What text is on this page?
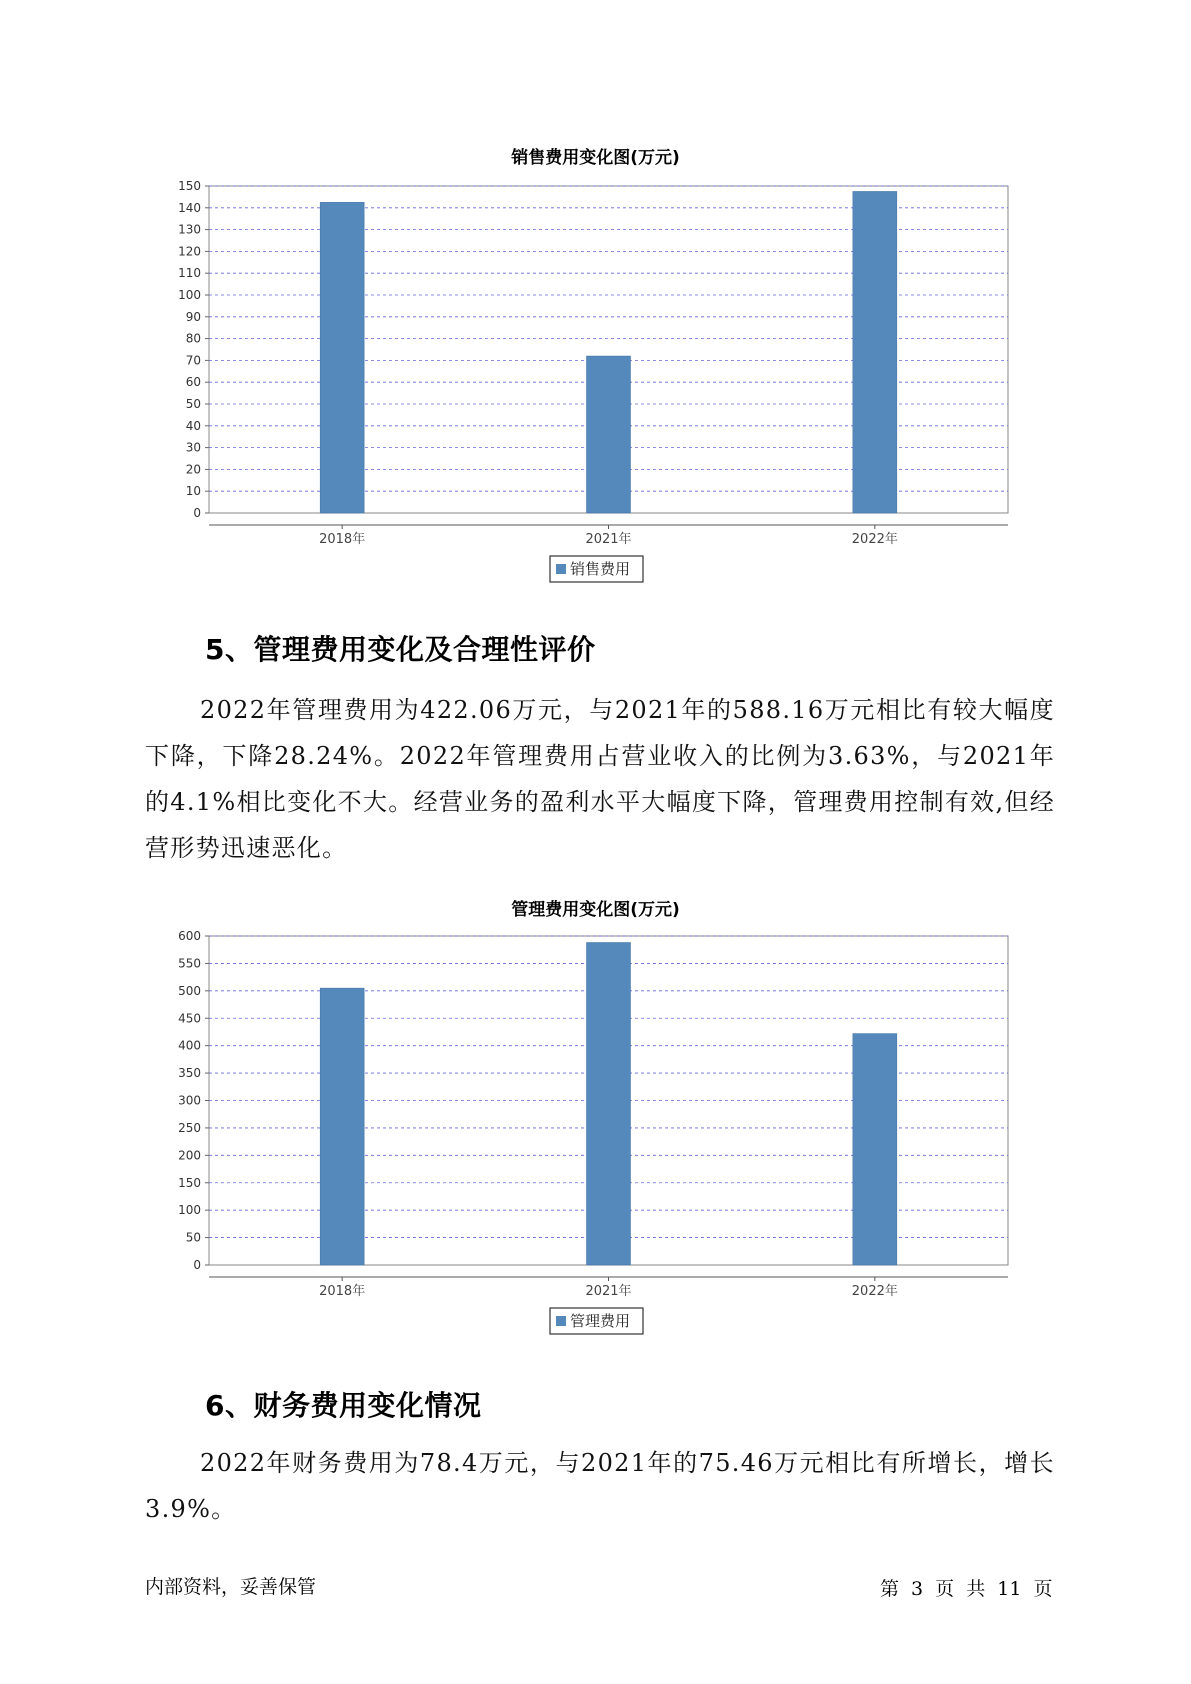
销售费用变化图(万元)
0
10
20
30
40
50
60
70
80
90
100
110
120
130
140
150
2018年	2021年	2022年
销售费用
5、管理费用变化及合理性评价

2022年管理费用为422.06万元，与2021年的588.16万元相比有较大幅度下降，下降28.24%。2022年管理费用占营业收入的比例为3.63%，与2021年的4.1%相比变化不大。经营业务的盈利水平大幅度下降，管理费用控制有效,但经营形势迅速恶化。

管理费用变化图(万元)
0
50
100
150
200
250
300
350
400
450
500
550
600
2018年	2021年	2022年
管理费用
6、财务费用变化情况

2022年财务费用为78.4万元，与2021年的75.46万元相比有所增长，增长3.9%。

内部资料，妥善保管	第 3 页 共 11 页
